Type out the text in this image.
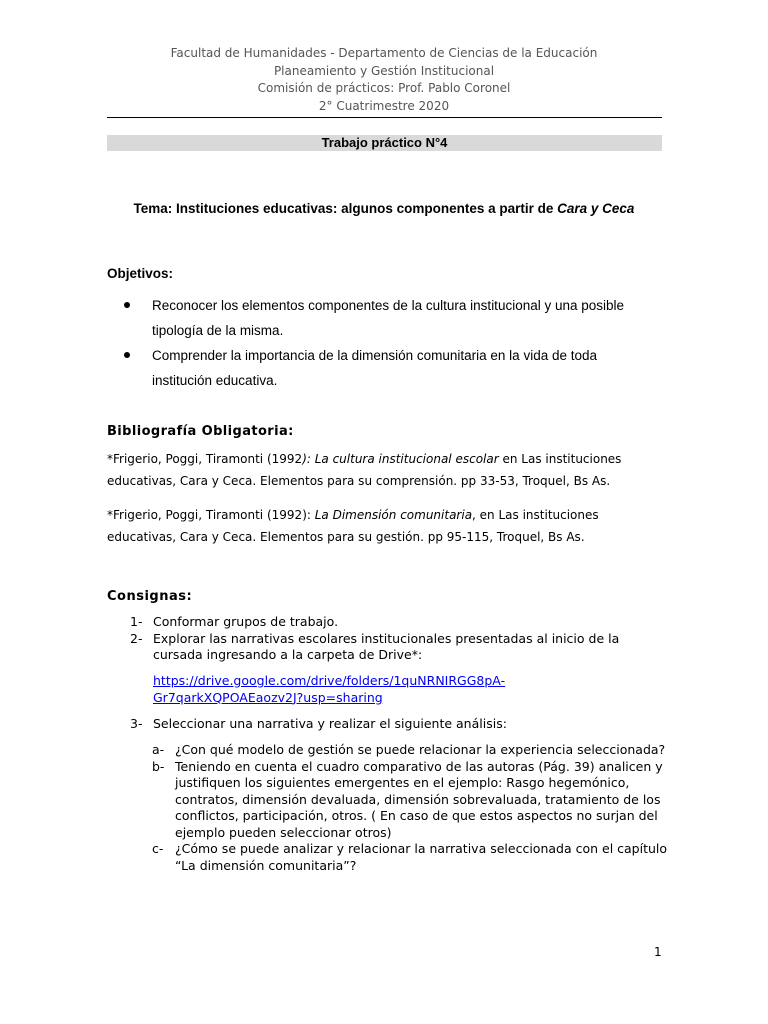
Facultad de Humanidades - Departamento de Ciencias de la Educación
Planeamiento y Gestión Institucional
Comisión de prácticos: Prof. Pablo Coronel
2° Cuatrimestre 2020
Trabajo práctico N°4
Tema: Instituciones educativas: algunos componentes a partir de Cara y Ceca
Objetivos:
Reconocer los elementos componentes de la cultura institucional y una posible tipología de la misma.
Comprender la importancia de la dimensión comunitaria en la vida de toda institución educativa.
Bibliografía Obligatoria:
*Frigerio, Poggi, Tiramonti (1992): La cultura institucional escolar en Las instituciones educativas, Cara y Ceca. Elementos para su comprensión. pp 33-53, Troquel, Bs As.
*Frigerio, Poggi, Tiramonti (1992): La Dimensión comunitaria, en Las instituciones educativas, Cara y Ceca. Elementos para su gestión. pp 95-115, Troquel, Bs As.
Consignas:
1- Conformar grupos de trabajo.
2- Explorar las narrativas escolares institucionales presentadas al inicio de la cursada ingresando a la carpeta de Drive*:
https://drive.google.com/drive/folders/1quNRNIRGG8pA-
Gr7qarkXQPOAEaozv2J?usp=sharing
3- Seleccionar una narrativa y realizar el siguiente análisis:
a- ¿Con qué modelo de gestión se puede relacionar la experiencia seleccionada?
b- Teniendo en cuenta el cuadro comparativo de las autoras (Pág. 39) analicen y justifiquen los siguientes emergentes en el ejemplo: Rasgo hegemónico, contratos, dimensión devaluada, dimensión sobrevaluada, tratamiento de los conflictos, participación, otros. ( En caso de que estos aspectos no surjan del ejemplo pueden seleccionar otros)
c- ¿Cómo se puede analizar y relacionar la narrativa seleccionada con el capítulo “La dimensión comunitaria”?
1
